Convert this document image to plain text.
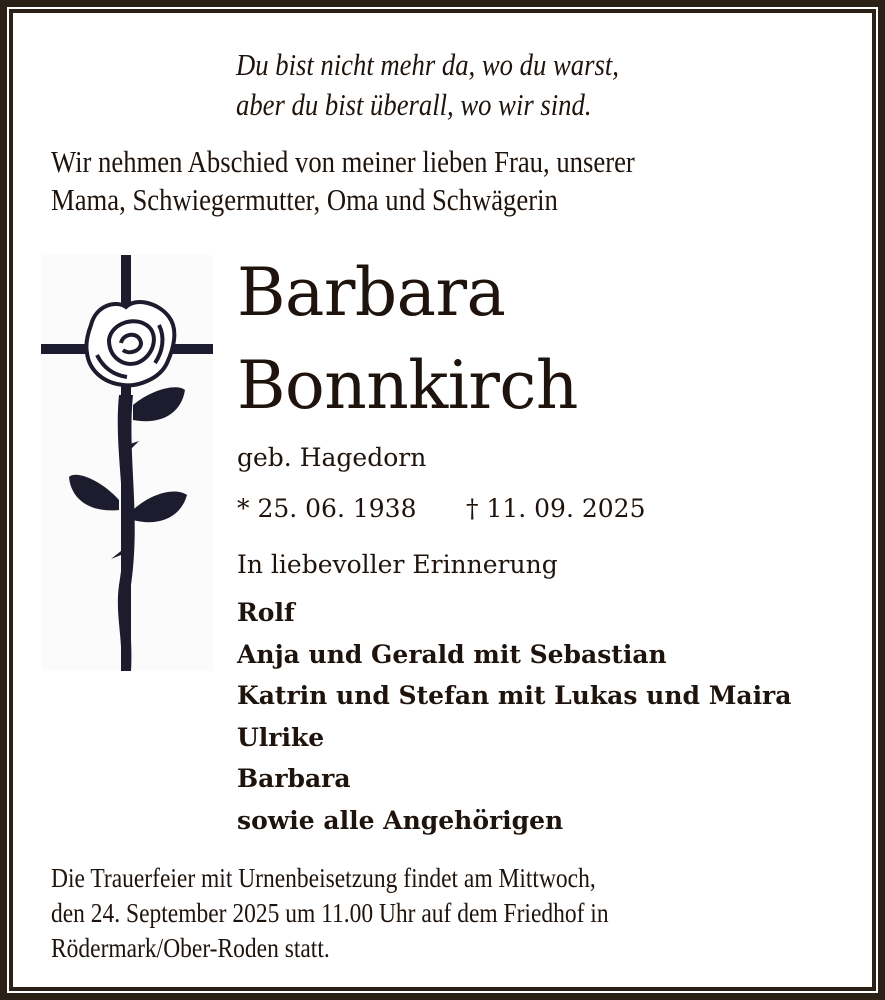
Du bist nicht mehr da, wo du warst,
aber du bist überall, wo wir sind.
Wir nehmen Abschied von meiner lieben Frau, unserer
Mama, Schwiegermutter, Oma und Schwägerin
Barbara
Bonnkirch
geb. Hagedorn
* 25. 06. 1938 † 11. 09. 2025
In liebevoller Erinnerung
Rolf
Anja und Gerald mit Sebastian
Katrin und Stefan mit Lukas und Maira
Ulrike
Barbara
sowie alle Angehörigen
Die Trauerfeier mit Urnenbeisetzung findet am Mittwoch,
den 24. September 2025 um 11.00 Uhr auf dem Friedhof in
Rödermark/Ober-Roden statt.
